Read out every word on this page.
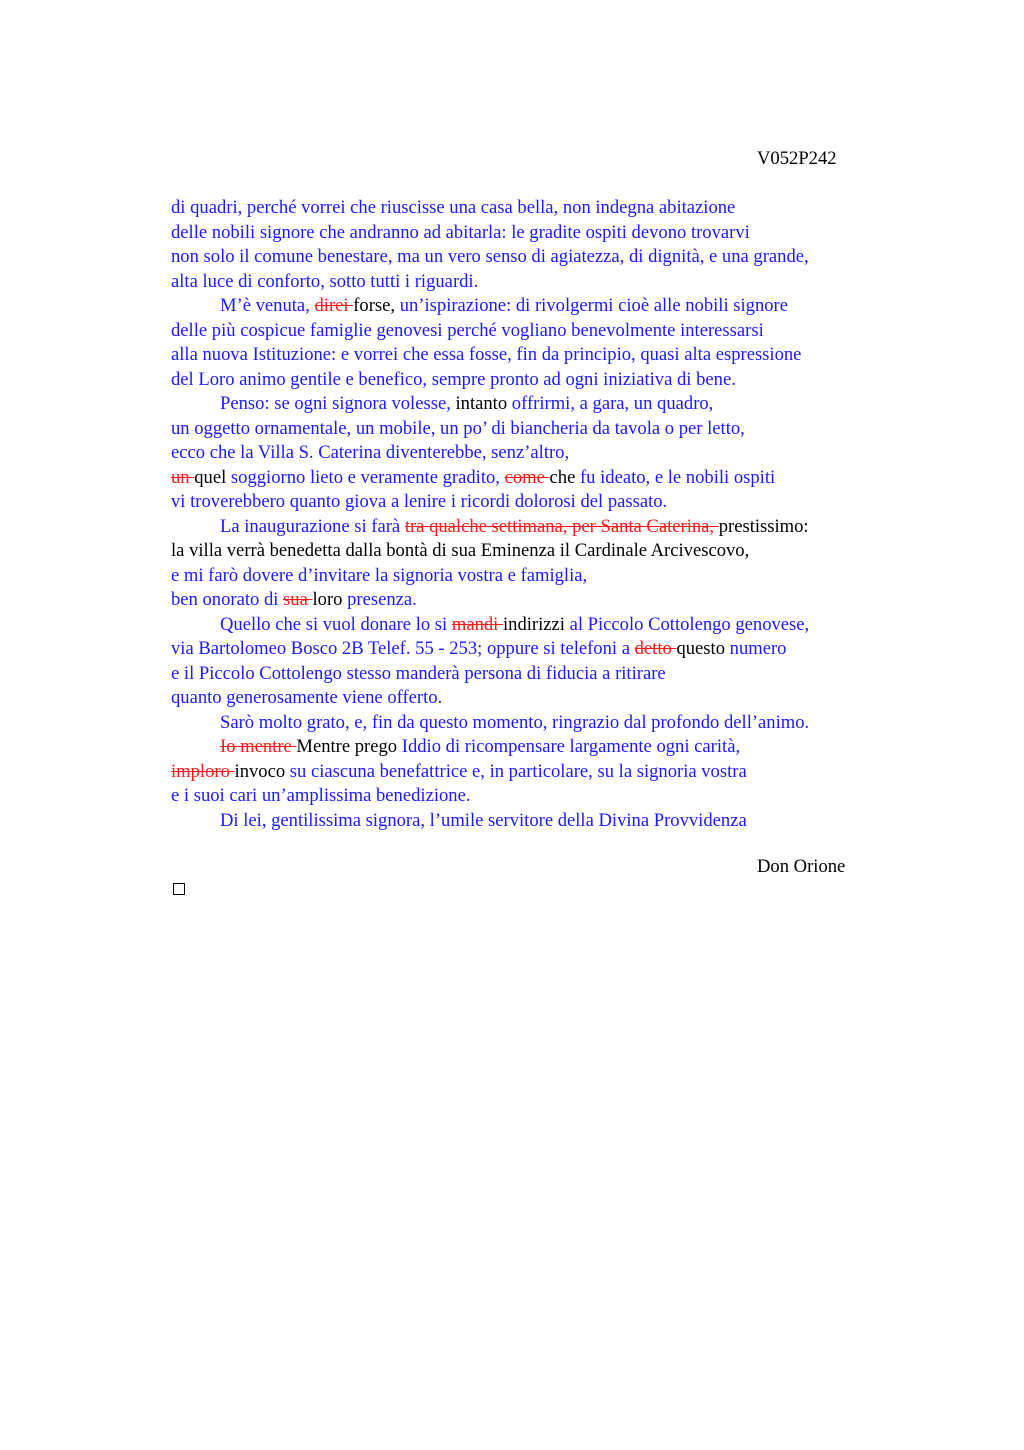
V052P242
di quadri, perché vorrei che riuscisse una casa bella, non indegna abitazione
delle nobili signore che andranno ad abitarla: le gradite ospiti devono trovarvi
non solo il comune benestare, ma un vero senso di agiatezza, di dignità, e una grande,
alta luce di conforto, sotto tutti i riguardi.
M’è venuta, direi forse, un’ispirazione: di rivolgermi cioè alle nobili signore
delle più cospicue famiglie genovesi perché vogliano benevolmente interessarsi
alla nuova Istituzione: e vorrei che essa fosse, fin da principio, quasi alta espressione
del Loro animo gentile e benefico, sempre pronto ad ogni iniziativa di bene.
Penso: se ogni signora volesse, intanto offrirmi, a gara, un quadro,
un oggetto ornamentale, un mobile, un po’ di biancheria da tavola o per letto,
ecco che la Villa S. Caterina diventerebbe, senz’altro,
un quel soggiorno lieto e veramente gradito, come che fu ideato, e le nobili ospiti
vi troverebbero quanto giova a lenire i ricordi dolorosi del passato.
La inaugurazione si farà tra qualche settimana, per Santa Caterina, prestissimo:
la villa verrà benedetta dalla bontà di sua Eminenza il Cardinale Arcivescovo,
e mi farò dovere d’invitare la signoria vostra e famiglia,
ben onorato di sua loro presenza.
Quello che si vuol donare lo si mandi indirizzi al Piccolo Cottolengo genovese,
via Bartolomeo Bosco 2B Telef. 55 - 253; oppure si telefoni a detto questo numero
e il Piccolo Cottolengo stesso manderà persona di fiducia a ritirare
quanto generosamente viene offerto.
Sarò molto grato, e, fin da questo momento, ringrazio dal profondo dell’animo.
Io mentre Mentre prego Iddio di ricompensare largamente ogni carità,
imploro invoco su ciascuna benefattrice e, in particolare, su la signoria vostra
e i suoi cari un’amplissima benedizione.
Di lei, gentilissima signora, l’umile servitore della Divina Provvidenza
Don Orione
